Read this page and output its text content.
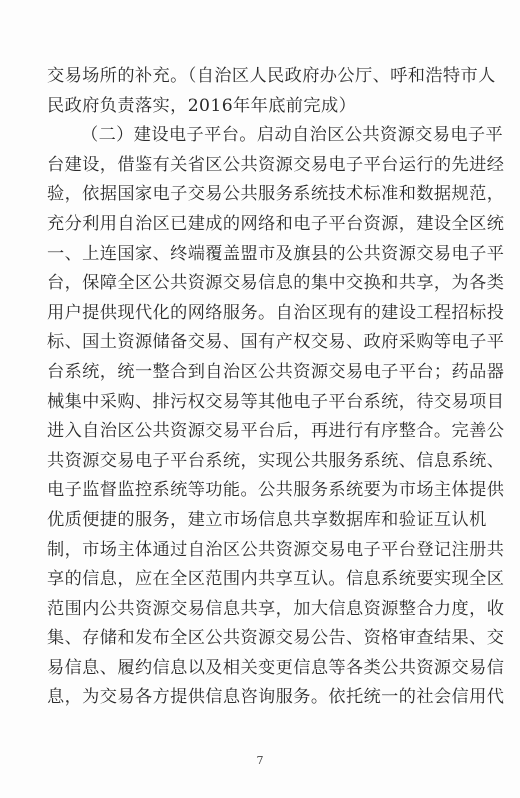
交易场所的补充。（自治区人民政府办公厅、呼和浩特市人
民政府负责落实，2016年年底前完成）
（二）建设电子平台。启动自治区公共资源交易电子平
台建设，借鉴有关省区公共资源交易电子平台运行的先进经
验，依据国家电子交易公共服务系统技术标准和数据规范，
充分利用自治区已建成的网络和电子平台资源，建设全区统
一、上连国家、终端覆盖盟市及旗县的公共资源交易电子平
台，保障全区公共资源交易信息的集中交换和共享，为各类
用户提供现代化的网络服务。自治区现有的建设工程招标投
标、国土资源储备交易、国有产权交易、政府采购等电子平
台系统，统一整合到自治区公共资源交易电子平台；药品器
械集中采购、排污权交易等其他电子平台系统，待交易项目
进入自治区公共资源交易平台后，再进行有序整合。完善公
共资源交易电子平台系统，实现公共服务系统、信息系统、
电子监督监控系统等功能。公共服务系统要为市场主体提供
优质便捷的服务，建立市场信息共享数据库和验证互认机
制，市场主体通过自治区公共资源交易电子平台登记注册共
享的信息，应在全区范围内共享互认。信息系统要实现全区
范围内公共资源交易信息共享，加大信息资源整合力度，收
集、存储和发布全区公共资源交易公告、资格审查结果、交
易信息、履约信息以及相关变更信息等各类公共资源交易信
息，为交易各方提供信息咨询服务。依托统一的社会信用代
7
